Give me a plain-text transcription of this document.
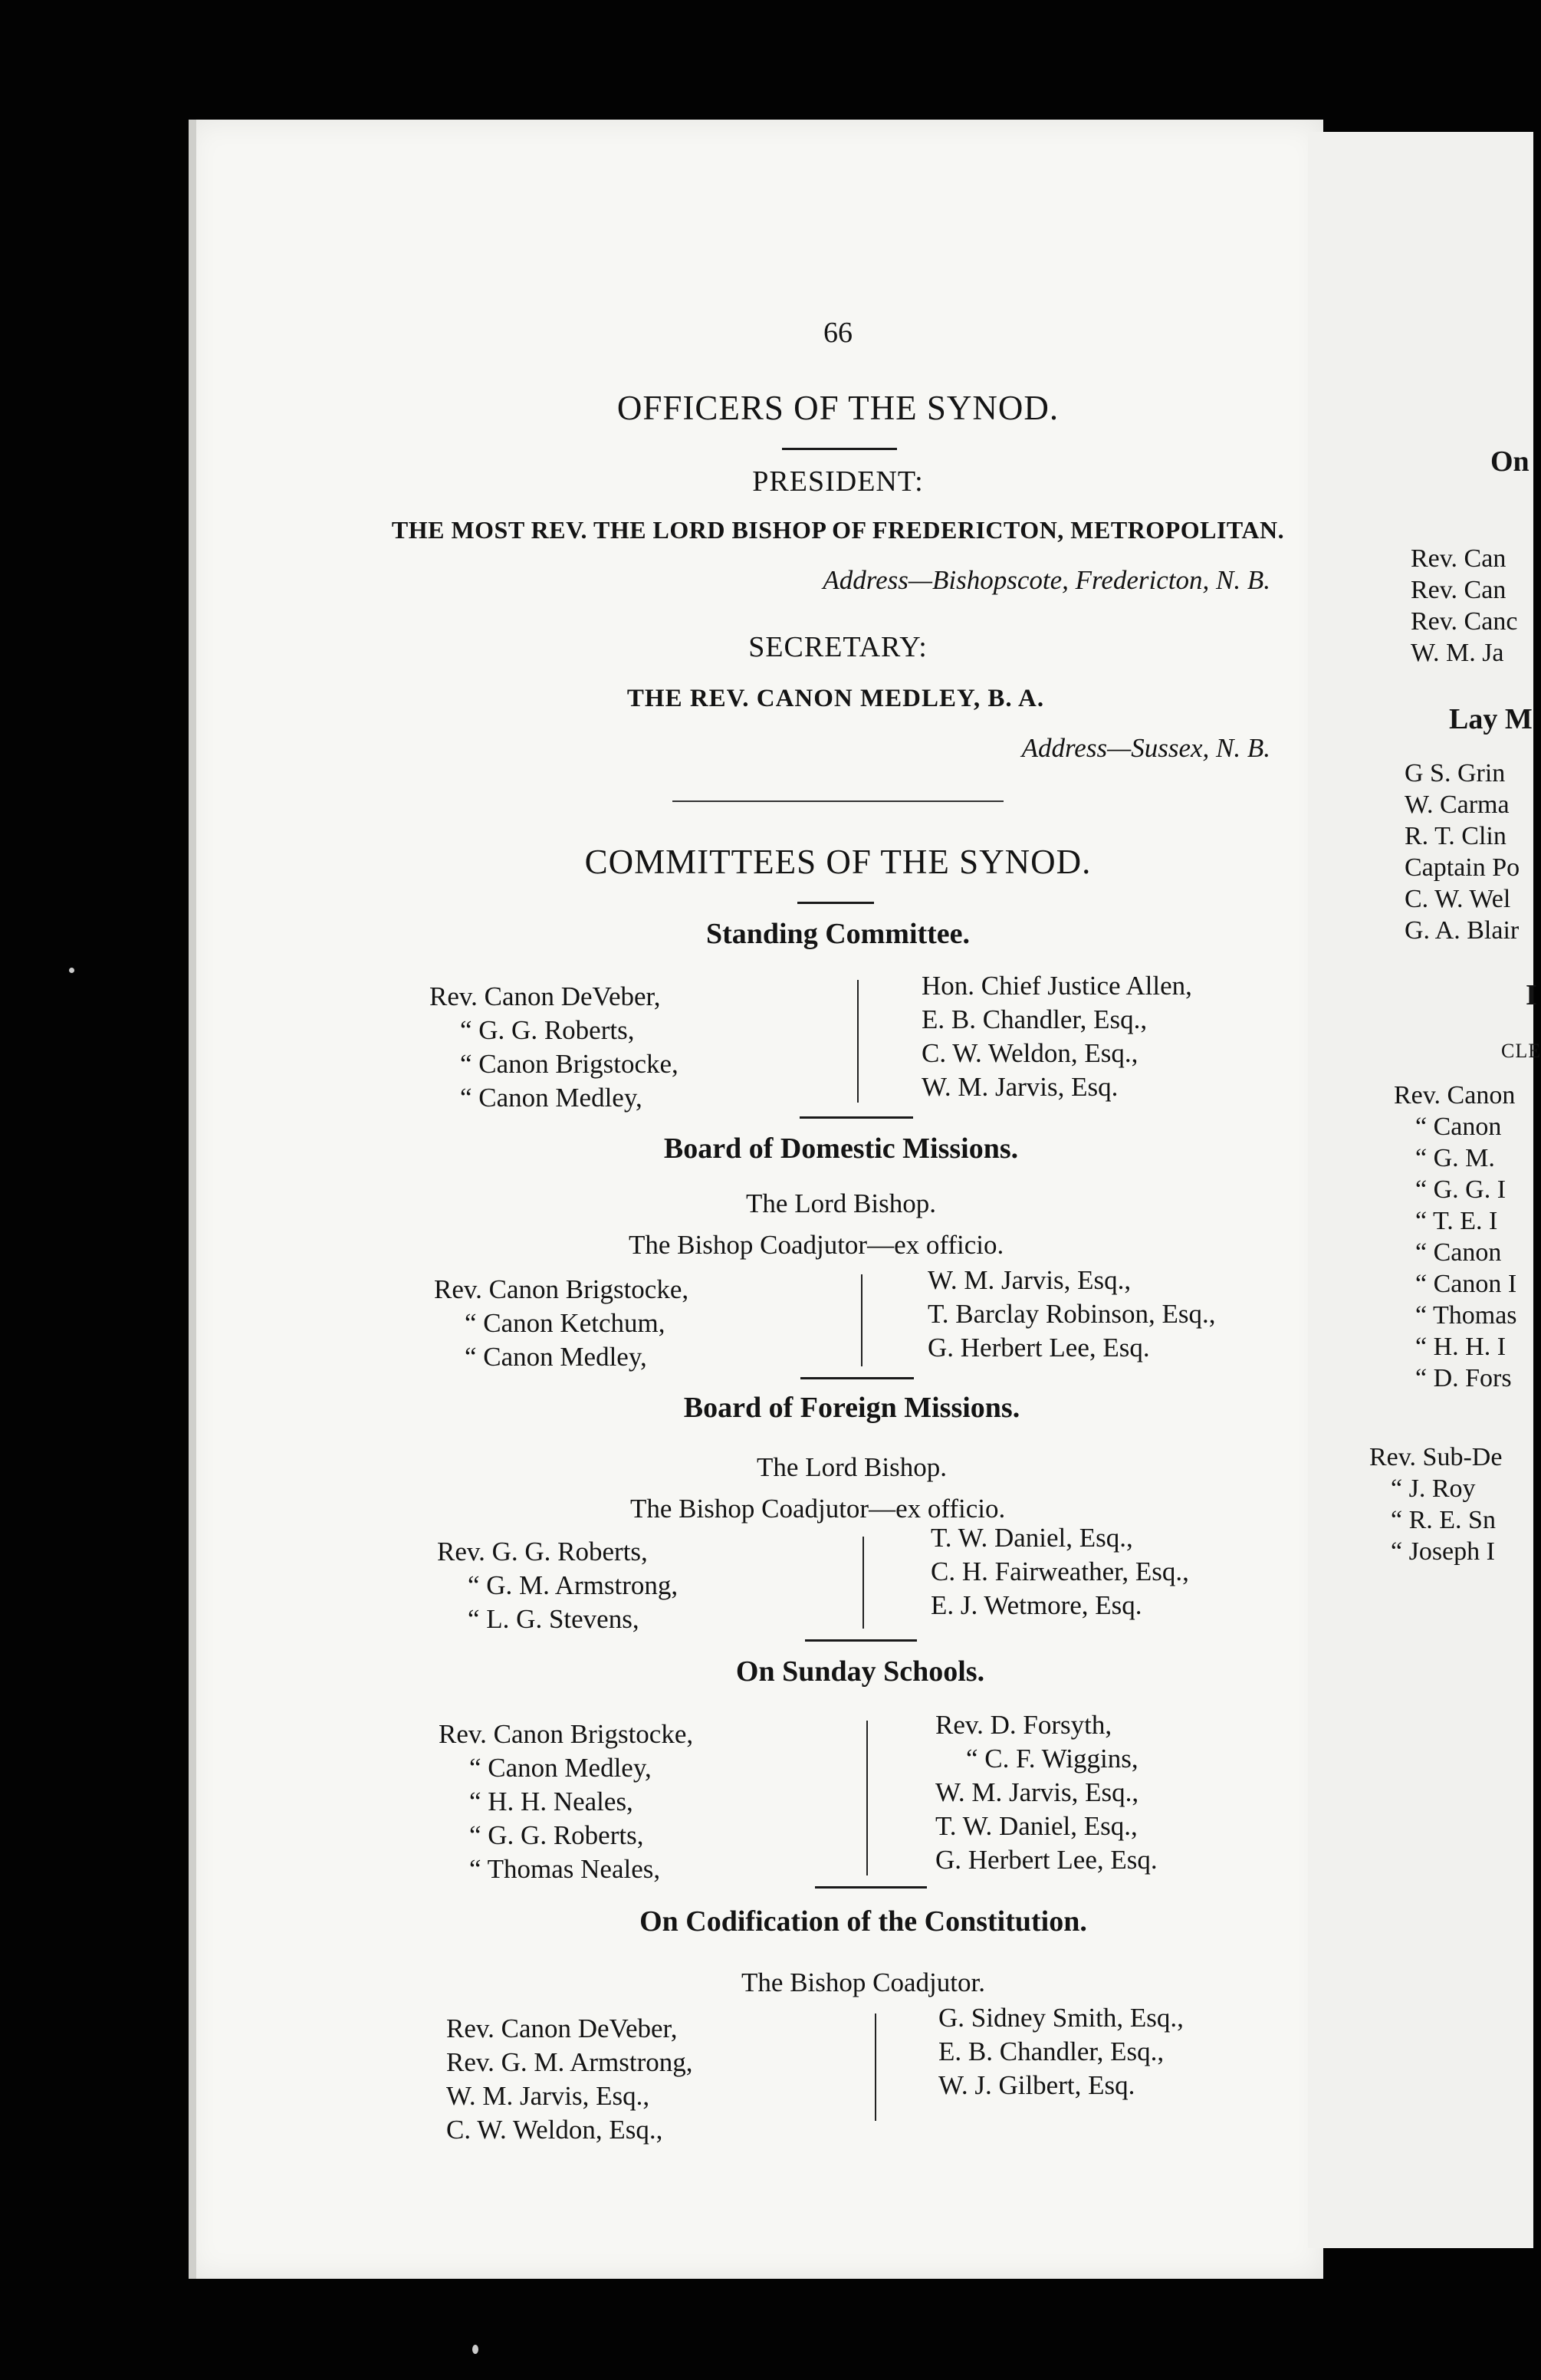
66
OFFICERS OF THE SYNOD.
PRESIDENT:
THE MOST REV. THE LORD BISHOP OF FREDERICTON, METROPOLITAN.
Address—Bishopscote, Fredericton, N. B.
SECRETARY:
THE REV. CANON MEDLEY, B. A.
Address—Sussex, N. B.
COMMITTEES OF THE SYNOD.
Standing Committee.
Rev. Canon DeVeber,
“ G. G. Roberts,
“ Canon Brigstocke,
“ Canon Medley,
Hon. Chief Justice Allen,
E. B. Chandler, Esq.,
C. W. Weldon, Esq.,
W. M. Jarvis, Esq.
Board of Domestic Missions.
The Lord Bishop.
The Bishop Coadjutor—ex officio.
Rev. Canon Brigstocke,
“ Canon Ketchum,
“ Canon Medley,
W. M. Jarvis, Esq.,
T. Barclay Robinson, Esq.,
G. Herbert Lee, Esq.
Board of Foreign Missions.
The Lord Bishop.
The Bishop Coadjutor—ex officio.
Rev. G. G. Roberts,
“ G. M. Armstrong,
“ L. G. Stevens,
T. W. Daniel, Esq.,
C. H. Fairweather, Esq.,
E. J. Wetmore, Esq.
On Sunday Schools.
Rev. Canon Brigstocke,
“ Canon Medley,
“ H. H. Neales,
“ G. G. Roberts,
“ Thomas Neales,
Rev. D. Forsyth,
“ C. F. Wiggins,
W. M. Jarvis, Esq.,
T. W. Daniel, Esq.,
G. Herbert Lee, Esq.
On Codification of the Constitution.
The Bishop Coadjutor.
Rev. Canon DeVeber,
Rev. G. M. Armstrong,
W. M. Jarvis, Esq.,
C. W. Weldon, Esq.,
G. Sidney Smith, Esq.,
E. B. Chandler, Esq.,
W. J. Gilbert, Esq.
On
Rev. Can
Rev. Can
Rev. Canc
W. M. Ja
Lay M
G S. Grin
W. Carma
R. T. Clin
Captain Po
C. W. Wel
G. A. Blair
I
CLE
Rev. Canon
“ Canon
“ G. M.
“ G. G. I
“ T. E. I
“ Canon
“ Canon I
“ Thomas
“ H. H. I
“ D. Fors
Rev. Sub-De
“ J. Roy
“ R. E. Sn
“ Joseph I
